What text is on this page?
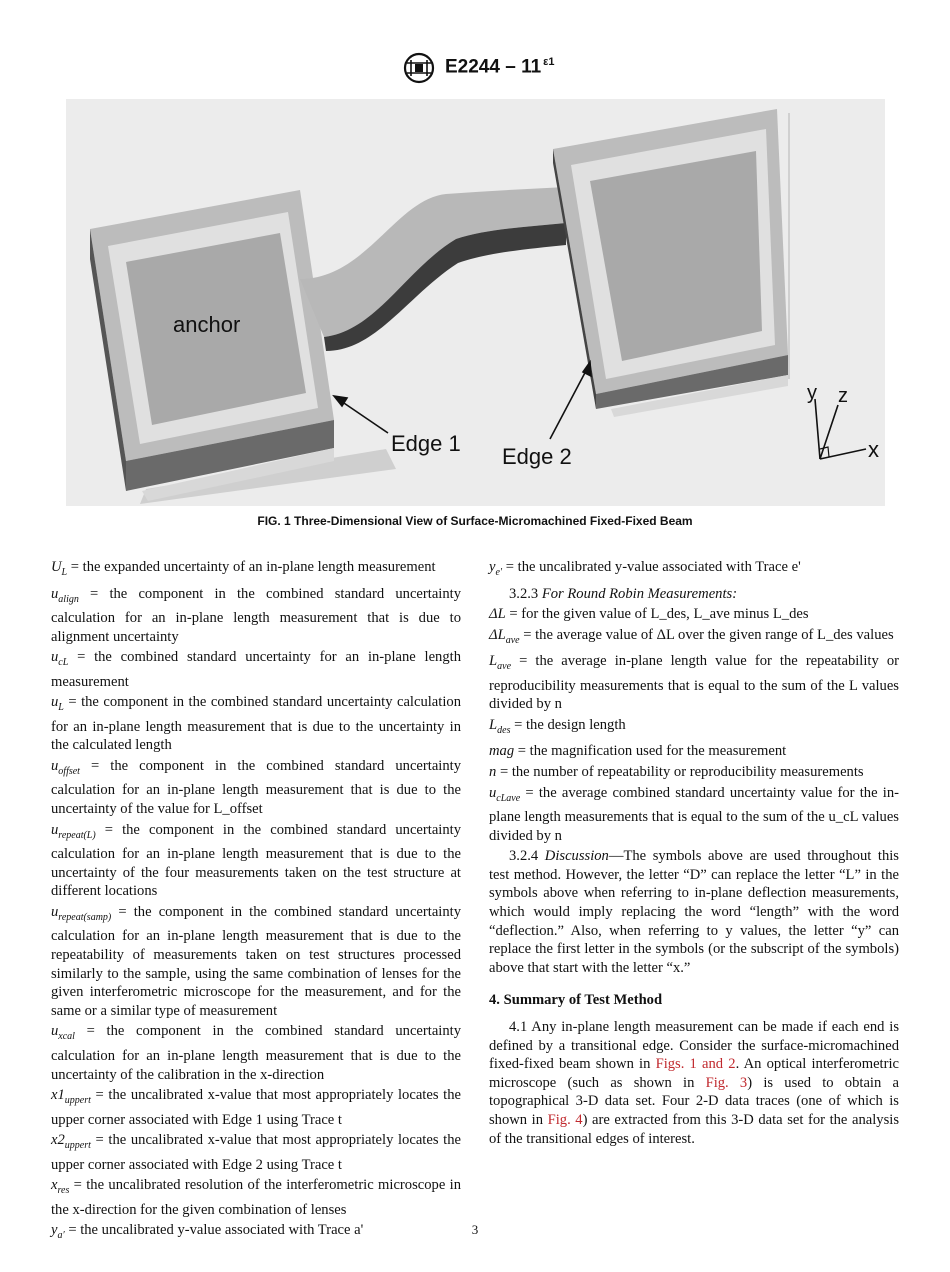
E2244 – 11 $^{\varepsilon 1}$
anchor
Edge 1
Edge 2
y z
x
FIG. 1 Three-Dimensional View of Surface-Micromachined Fixed-Fixed Beam

$U_L$ = the expanded uncertainty of an in-plane length measurement

$u_{align}$ = the component in the combined standard uncertainty calculation for an in-plane length measurement that is due to alignment uncertainty

$u_{cL}$ = the combined standard uncertainty for an in-plane length measurement

$u_L$ = the component in the combined standard uncertainty calculation for an in-plane length measurement that is due to the uncertainty in the calculated length

$u_{offset}$ = the component in the combined standard uncertainty calculation for an in-plane length measurement that is due to the uncertainty of the value for L_offset

$u_{repeat(L)}$ = the component in the combined standard uncertainty calculation for an in-plane length measurement that is due to the uncertainty of the four measurements taken on the test structure at different locations

$u_{repeat(samp)}$ = the component in the combined standard uncertainty calculation for an in-plane length measurement that is due to the repeatability of measurements taken on test structures processed similarly to the sample, using the same combination of lenses for the given interferometric microscope for the measurement, and for the same or a similar type of measurement

$u_{xcal}$ = the component in the combined standard uncertainty calculation for an in-plane length measurement that is due to the uncertainty of the calibration in the x-direction

$x1_{uppert}$ = the uncalibrated x-value that most appropriately locates the upper corner associated with Edge 1 using Trace t

$x2_{uppert}$ = the uncalibrated x-value that most appropriately locates the upper corner associated with Edge 2 using Trace t

$x_{res}$ = the uncalibrated resolution of the interferometric microscope in the x-direction for the given combination of lenses

$y_{a'}$ = the uncalibrated y-value associated with Trace a'

$y_{e'}$ = the uncalibrated y-value associated with Trace e'

3.2.3 For Round Robin Measurements:

ΔL = for the given value of L_des, L_ave minus L_des

$\Delta L_{ave}$ = the average value of ΔL over the given range of L_des values

$L_{ave}$ = the average in-plane length value for the repeatability or reproducibility measurements that is equal to the sum of the L values divided by n

$L_{des}$ = the design length

mag = the magnification used for the measurement

n = the number of repeatability or reproducibility measurements

$u_{cLave}$ = the average combined standard uncertainty value for the in-plane length measurements that is equal to the sum of the u_cL values divided by n

3.2.4 Discussion—The symbols above are used throughout this test method. However, the letter “D” can replace the letter “L” in the symbols above when referring to in-plane deflection measurements, which would imply replacing the word “length” with the word “deflection.” Also, when referring to y values, the letter “y” can replace the first letter in the symbols (or the subscript of the symbols) above that start with the letter “x.”

4. Summary of Test Method

4.1 Any in-plane length measurement can be made if each end is defined by a transitional edge. Consider the surface-micromachined fixed-fixed beam shown in Figs. 1 and 2. An optical interferometric microscope (such as shown in Fig. 3) is used to obtain a topographical 3-D data set. Four 2-D data traces (one of which is shown in Fig. 4) are extracted from this 3-D data set for the analysis of the transitional edges of interest.

3
